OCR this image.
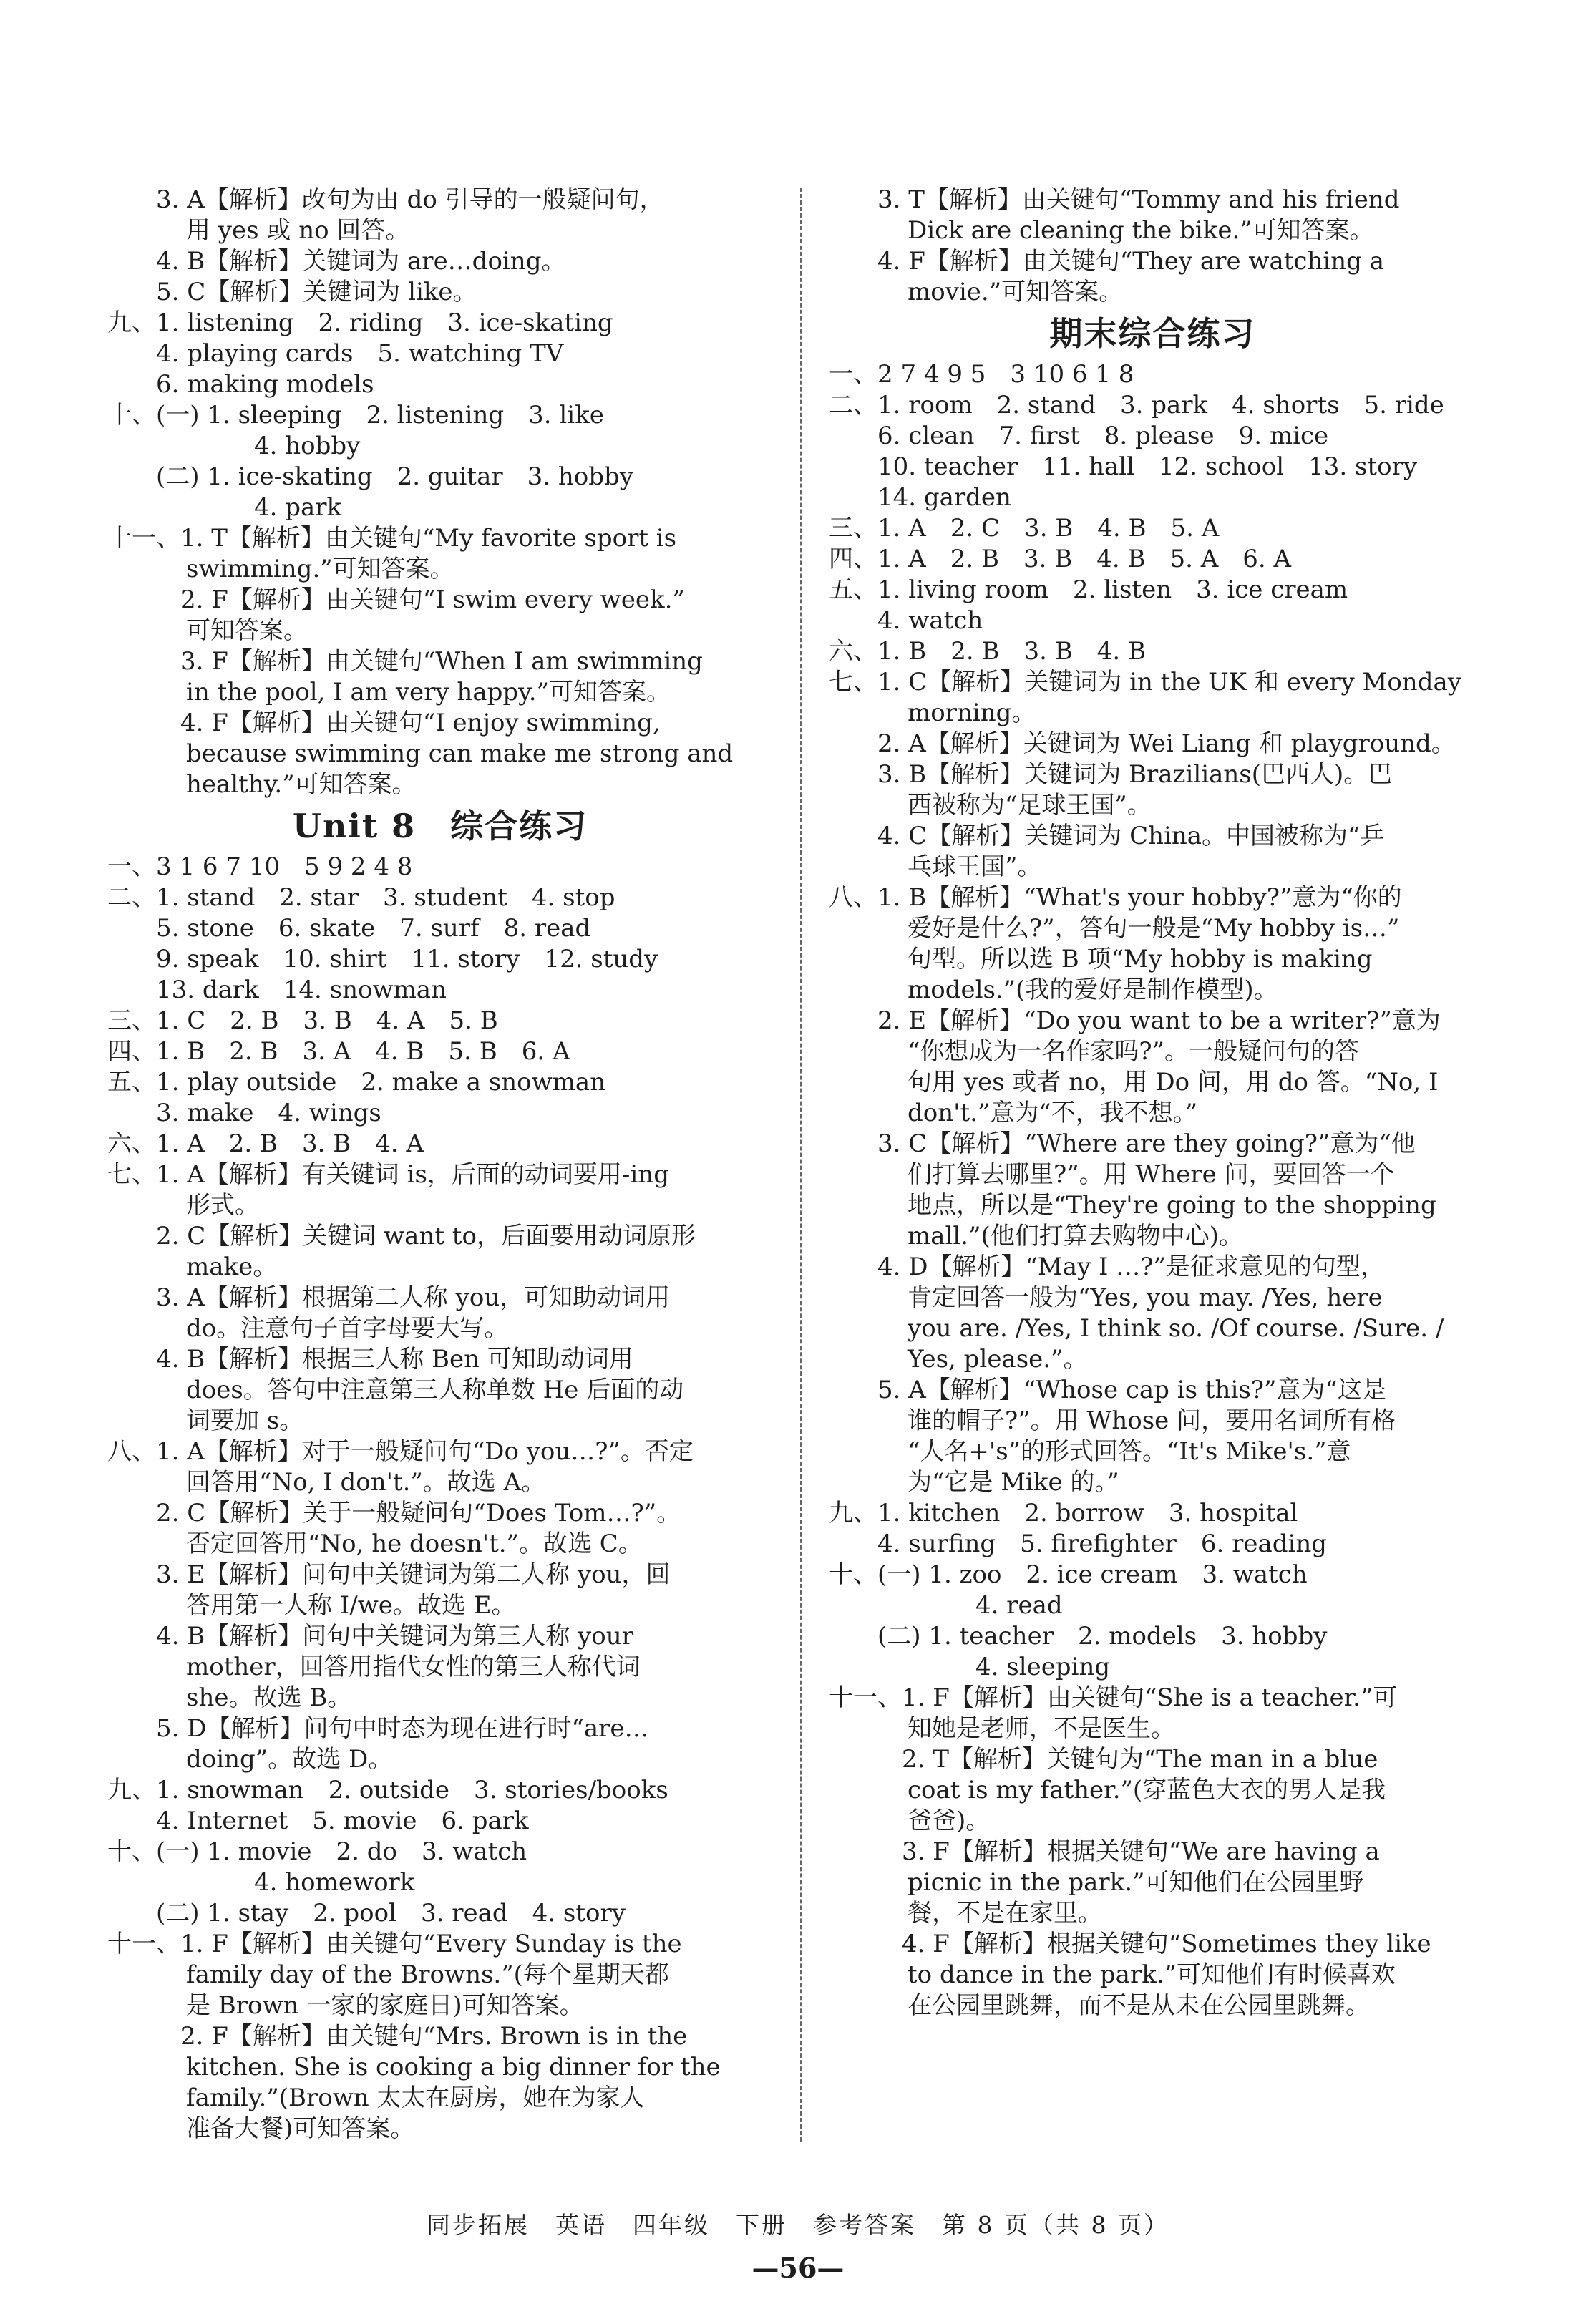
3. A【解析】改句为由 do 引导的一般疑问句，
用 yes 或 no 回答。
4. B【解析】关键词为 are…doing。
5. C【解析】关键词为 like。
九、1. listening　2. riding　3. ice-skating
4. playing cards　5. watching TV
6. making models
十、(一) 1. sleeping　2. listening　3. like
4. hobby
(二) 1. ice-skating　2. guitar　3. hobby
4. park
十一、1. T【解析】由关键句“My favorite sport is
swimming.”可知答案。
　2. F【解析】由关键句“I swim every week.”
可知答案。
　3. F【解析】由关键句“When I am swimming
in the pool, I am very happy.”可知答案。
　4. F【解析】由关键句“I enjoy swimming,
because swimming can make me strong and
healthy.”可知答案。
Unit 8　综合练习
一、3 1 6 7 10　5 9 2 4 8
二、1. stand　2. star　3. student　4. stop
5. stone　6. skate　7. surf　8. read
9. speak　10. shirt　11. story　12. study
13. dark　14. snowman
三、1. C　2. B　3. B　4. A　5. B
四、1. B　2. B　3. A　4. B　5. B　6. A
五、1. play outside　2. make a snowman
3. make　4. wings
六、1. A　2. B　3. B　4. A
七、1. A【解析】有关键词 is，后面的动词要用-ing
形式。
2. C【解析】关键词 want to，后面要用动词原形
make。
3. A【解析】根据第二人称 you，可知助动词用
do。注意句子首字母要大写。
4. B【解析】根据三人称 Ben 可知助动词用
does。答句中注意第三人称单数 He 后面的动
词要加 s。
八、1. A【解析】对于一般疑问句“Do you…?”。否定
回答用“No, I don't.”。故选 A。
2. C【解析】关于一般疑问句“Does Tom…?”。
否定回答用“No, he doesn't.”。故选 C。
3. E【解析】问句中关键词为第二人称 you，回
答用第一人称 I/we。故选 E。
4. B【解析】问句中关键词为第三人称 your
mother，回答用指代女性的第三人称代词
she。故选 B。
5. D【解析】问句中时态为现在进行时“are…
doing”。故选 D。
九、1. snowman　2. outside　3. stories/books
4. Internet　5. movie　6. park
十、(一) 1. movie　2. do　3. watch
4. homework
(二) 1. stay　2. pool　3. read　4. story
十一、1. F【解析】由关键句“Every Sunday is the
family day of the Browns.”(每个星期天都
是 Brown 一家的家庭日)可知答案。
　2. F【解析】由关键句“Mrs. Brown is in the
kitchen. She is cooking a big dinner for the
family.”(Brown 太太在厨房，她在为家人
准备大餐)可知答案。
3. T【解析】由关键句“Tommy and his friend
Dick are cleaning the bike.”可知答案。
4. F【解析】由关键句“They are watching a
movie.”可知答案。
期末综合练习
一、2 7 4 9 5　3 10 6 1 8
二、1. room　2. stand　3. park　4. shorts　5. ride
6. clean　7. first　8. please　9. mice
10. teacher　11. hall　12. school　13. story
14. garden
三、1. A　2. C　3. B　4. B　5. A
四、1. A　2. B　3. B　4. B　5. A　6. A
五、1. living room　2. listen　3. ice cream
4. watch
六、1. B　2. B　3. B　4. B
七、1. C【解析】关键词为 in the UK 和 every Monday
morning。
2. A【解析】关键词为 Wei Liang 和 playground。
3. B【解析】关键词为 Brazilians(巴西人)。巴
西被称为“足球王国”。
4. C【解析】关键词为 China。中国被称为“乒
乓球王国”。
八、1. B【解析】“What's your hobby?”意为“你的
爱好是什么?”，答句一般是“My hobby is…”
句型。所以选 B 项“My hobby is making
models.”(我的爱好是制作模型)。
2. E【解析】“Do you want to be a writer?”意为
“你想成为一名作家吗?”。一般疑问句的答
句用 yes 或者 no，用 Do 问，用 do 答。“No, I
don't.”意为“不，我不想。”
3. C【解析】“Where are they going?”意为“他
们打算去哪里?”。用 Where 问，要回答一个
地点，所以是“They're going to the shopping
mall.”(他们打算去购物中心)。
4. D【解析】“May I …?”是征求意见的句型，
肯定回答一般为“Yes, you may. /Yes, here
you are. /Yes, I think so. /Of course. /Sure. /
Yes, please.”。
5. A【解析】“Whose cap is this?”意为“这是
谁的帽子?”。用 Whose 问，要用名词所有格
“人名+'s”的形式回答。“It's Mike's.”意
为“它是 Mike 的。”
九、1. kitchen　2. borrow　3. hospital
4. surfing　5. firefighter　6. reading
十、(一) 1. zoo　2. ice cream　3. watch
4. read
(二) 1. teacher　2. models　3. hobby
4. sleeping
十一、1. F【解析】由关键句“She is a teacher.”可
知她是老师，不是医生。
　2. T【解析】关键句为“The man in a blue
coat is my father.”(穿蓝色大衣的男人是我
爸爸)。
　3. F【解析】根据关键句“We are having a
picnic in the park.”可知他们在公园里野
餐，不是在家里。
　4. F【解析】根据关键句“Sometimes they like
to dance in the park.”可知他们有时候喜欢
在公园里跳舞，而不是从未在公园里跳舞。
同步拓展　英语　四年级　下册　参考答案　第 8 页（共 8 页）
—56—
